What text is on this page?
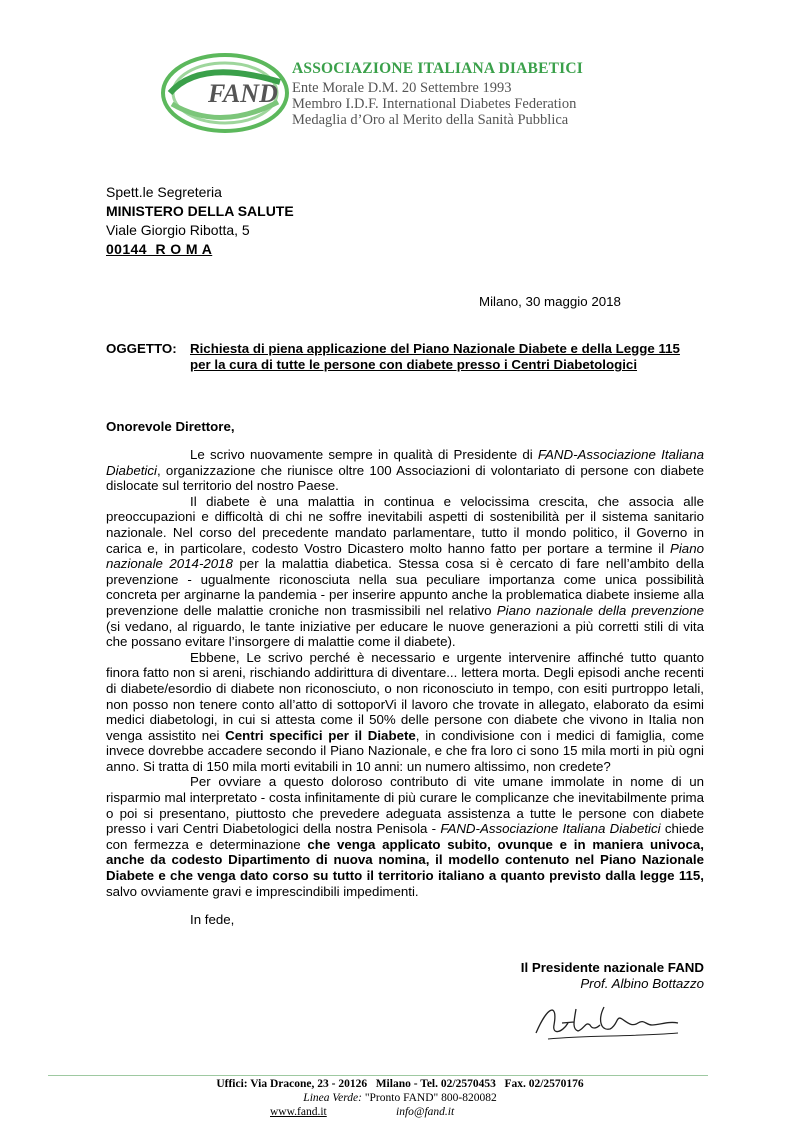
FAND
ASSOCIAZIONE ITALIANA DIABETICI
Ente Morale D.M. 20 Settembre 1993
Membro I.D.F. International Diabetes Federation
Medaglia d’Oro al Merito della Sanità Pubblica
Spett.le Segreteria
MINISTERO DELLA SALUTE
Viale Giorgio Ribotta, 5
00144  R O M A
Milano, 30 maggio 2018
OGGETTO: Richiesta di piena applicazione del Piano Nazionale Diabete e della Legge 115
per la cura di tutte le persone con diabete presso i Centri Diabetologici
Onorevole Direttore,

Le scrivo nuovamente sempre in qualità di Presidente di FAND-Associazione Italiana Diabetici, organizzazione che riunisce oltre 100 Associazioni di volontariato di persone con diabete dislocate sul territorio del nostro Paese.

Il diabete è una malattia in continua e velocissima crescita, che associa alle preoccupazioni e difficoltà di chi ne soffre inevitabili aspetti di sostenibilità per il sistema sanitario nazionale. Nel corso del precedente mandato parlamentare, tutto il mondo politico, il Governo in carica e, in particolare, codesto Vostro Dicastero molto hanno fatto per portare a termine il Piano nazionale 2014-2018 per la malattia diabetica. Stessa cosa si è cercato di fare nell’ambito della prevenzione - ugualmente riconosciuta nella sua peculiare importanza come unica possibilità concreta per arginarne la pandemia - per inserire appunto anche la problematica diabete insieme alla prevenzione delle malattie croniche non trasmissibili nel relativo Piano nazionale della prevenzione (si vedano, al riguardo, le tante iniziative per educare le nuove generazioni a più corretti stili di vita che possano evitare l’insorgere di malattie come il diabete).

Ebbene, Le scrivo perché è necessario e urgente intervenire affinché tutto quanto finora fatto non si areni, rischiando addirittura di diventare... lettera morta. Degli episodi anche recenti di diabete/esordio di diabete non riconosciuto, o non riconosciuto in tempo, con esiti purtroppo letali, non posso non tenere conto all’atto di sottoporVi il lavoro che trovate in allegato, elaborato da esimi medici diabetologi, in cui si attesta come il 50% delle persone con diabete che vivono in Italia non venga assistito nei Centri specifici per il Diabete, in condivisione con i medici di famiglia, come invece dovrebbe accadere secondo il Piano Nazionale, e che fra loro ci sono 15 mila morti in più ogni anno. Si tratta di 150 mila morti evitabili in 10 anni: un numero altissimo, non credete?

Per ovviare a questo doloroso contributo di vite umane immolate in nome di un risparmio mal interpretato - costa infinitamente di più curare le complicanze che inevitabilmente prima o poi si presentano, piuttosto che prevedere adeguata assistenza a tutte le persone con diabete presso i vari Centri Diabetologici della nostra Penisola - FAND-Associazione Italiana Diabetici chiede con fermezza e determinazione che venga applicato subito, ovunque e in maniera univoca, anche da codesto Dipartimento di nuova nomina, il modello contenuto nel Piano Nazionale Diabete e che venga dato corso su tutto il territorio italiano a quanto previsto dalla legge 115, salvo ovviamente gravi e imprescindibili impedimenti.

In fede,
Il Presidente nazionale FAND
Prof. Albino Bottazzo
Uffici: Via Dracone, 23 - 20126   Milano - Tel. 02/2570453   Fax. 02/2570176
Linea Verde: "Pronto FAND" 800-820082
www.fand.it	info@fand.it
